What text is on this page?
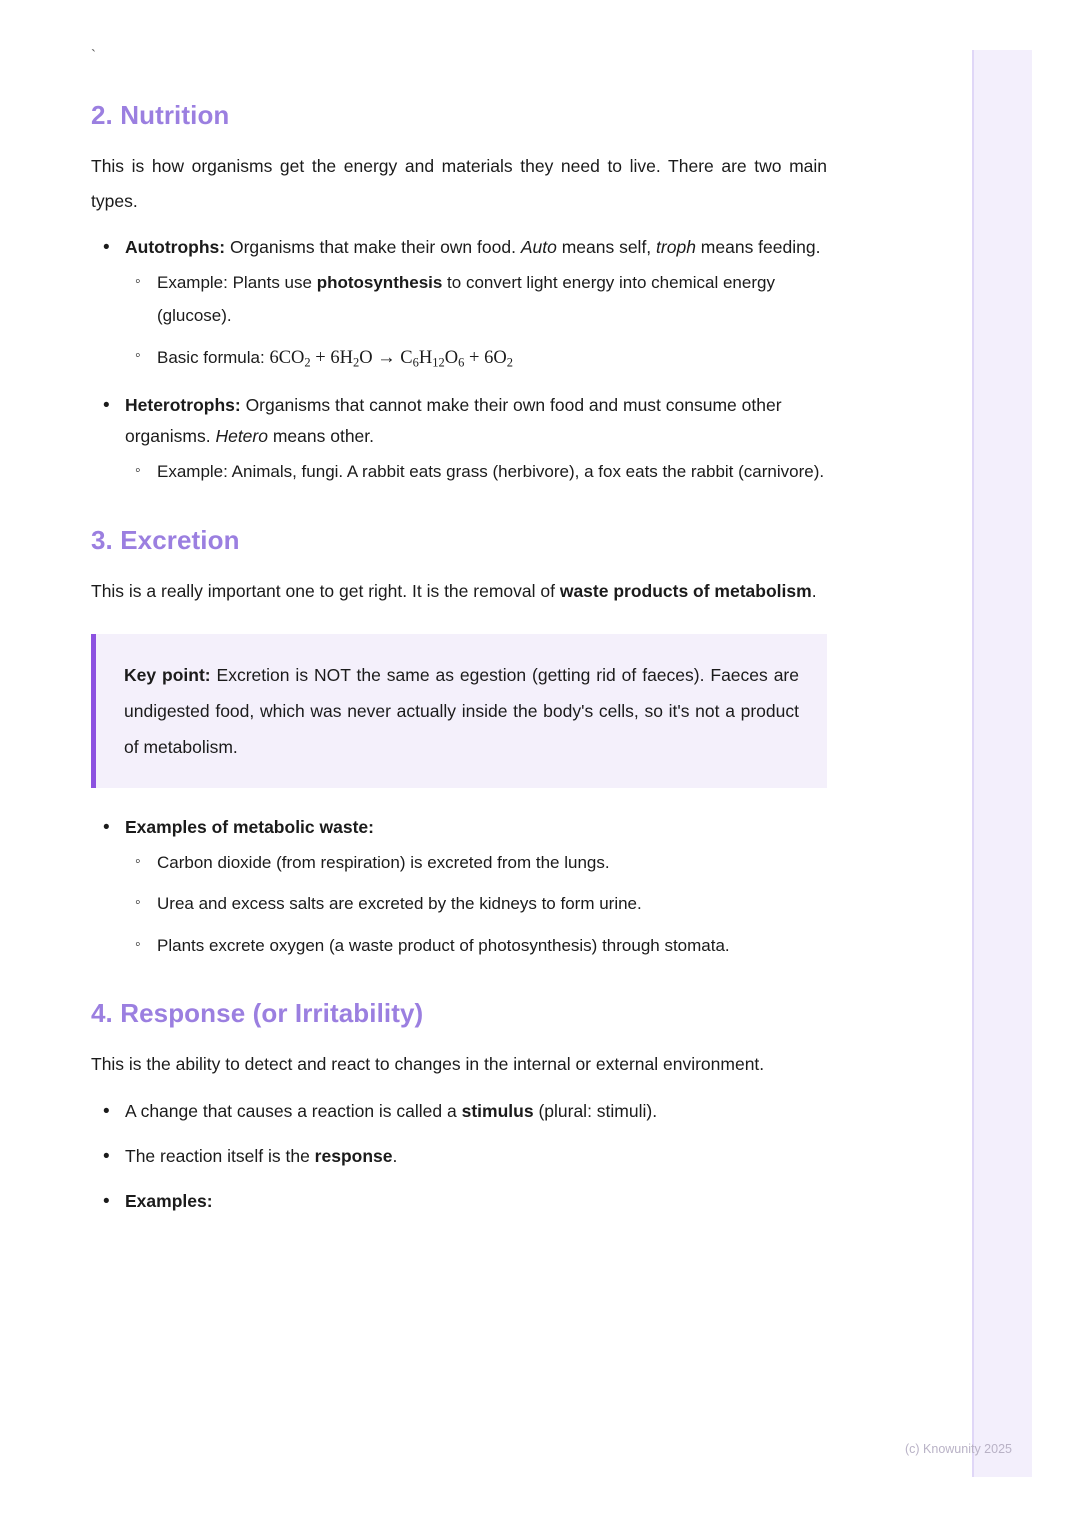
`
2. Nutrition

This is how organisms get the energy and materials they need to live. There are two main types.

• Autotrophs: Organisms that make their own food. Auto means self, troph means feeding.
◦ Example: Plants use photosynthesis to convert light energy into chemical energy (glucose).
◦ Basic formula: $6CO_2 + 6H_2O \to C_6H_{12}O_6 + 6O_2$
• Heterotrophs: Organisms that cannot make their own food and must consume other organisms. Hetero means other.
◦ Example: Animals, fungi. A rabbit eats grass (herbivore), a fox eats the rabbit (carnivore).
3. Excretion

This is a really important one to get right. It is the removal of waste products of metabolism.

Key point: Excretion is NOT the same as egestion (getting rid of faeces). Faeces are undigested food, which was never actually inside the body's cells, so it's not a product of metabolism.

• Examples of metabolic waste:
◦ Carbon dioxide (from respiration) is excreted from the lungs.
◦ Urea and excess salts are excreted by the kidneys to form urine.
◦ Plants excrete oxygen (a waste product of photosynthesis) through stomata.
4. Response (or Irritability)

This is the ability to detect and react to changes in the internal or external environment.

• A change that causes a reaction is called a stimulus (plural: stimuli).
• The reaction itself is the response.
• Examples:
(c) Knowunity 2025
